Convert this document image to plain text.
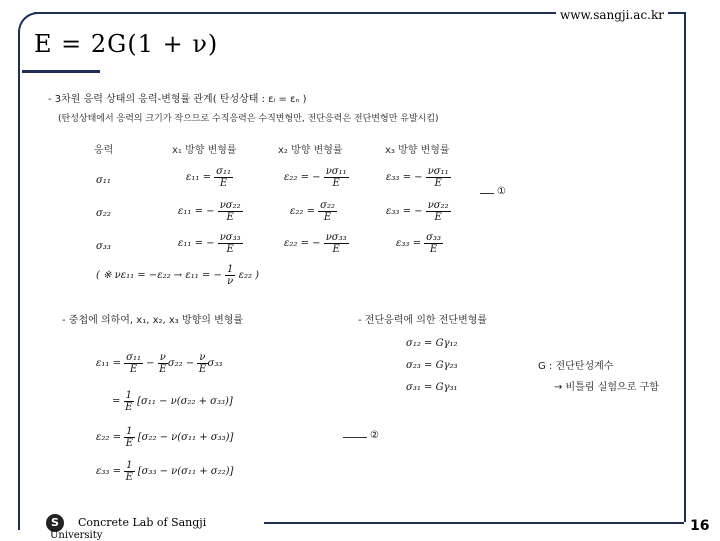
www.sangji.ac.kr
E = 2G(1 + ν)
- 3차원 응력 상태의 응력-변형률 관계( 탄성상태 : εᵢ = εₙ )
(탄성상태에서 응력의 크기가 작으므로 수직응력은 수직변형만, 전단응력은 전단변형만 유발시킴)
응력	x₁ 방향 변형률	x₂ 방향 변형률	x₃ 방향 변형률
σ₁₁	$\varepsilon_{11} = \frac{\text{σ₁₁}}{E}$	ε₂₂ = − $\frac{\text{νσ₁₁}}{E}$	ε₃₃ = − $\frac{\text{νσ₁₁}}{E}$
σ₂₂	ε₁₁ = − $\frac{\text{νσ₂₂}}{E}$	$\varepsilon_{22} = \frac{\text{σ₂₂}}{E}$	ε₃₃ = − $\frac{\text{νσ₂₂}}{E}$
σ₃₃	ε₁₁ = − $\frac{\text{νσ₃₃}}{E}$	ε₂₂ = − $\frac{\text{νσ₃₃}}{E}$	$\varepsilon_{33} = \frac{\text{σ₃₃}}{E}$
①
( ※ νε₁₁ = −ε₂₂ → ε₁₁ = − $\frac{1}{\nu} \varepsilon_{22}$ )
- 중첩에 의하여, x₁, x₂, x₃ 방향의 변형률
$\varepsilon_{11} = \frac{\text{σ₁₁}}{E} - \frac{\nu}{E} \sigma_{22} - \frac{\nu}{E} \sigma_{33}$
= $\frac{1}{E} [\sigma_{11} - \nu(\sigma_{22} + \sigma_{33})]$
$\varepsilon_{22} = \frac{1}{E} [\sigma_{22} - \nu(\sigma_{11} + \sigma_{33})]$
$\varepsilon_{33} = \frac{1}{E} [\sigma_{33} - \nu(\sigma_{11} + \sigma_{22})]$
②
- 전단응력에 의한 전단변형률
σ₁₂ = Gγ₁₂
σ₂₃ = Gγ₂₃
σ₃₁ = Gγ₃₁
G : 전단탄성계수
→ 비틀림 실험으로 구함
S	Concrete Lab of Sangji
University
16
